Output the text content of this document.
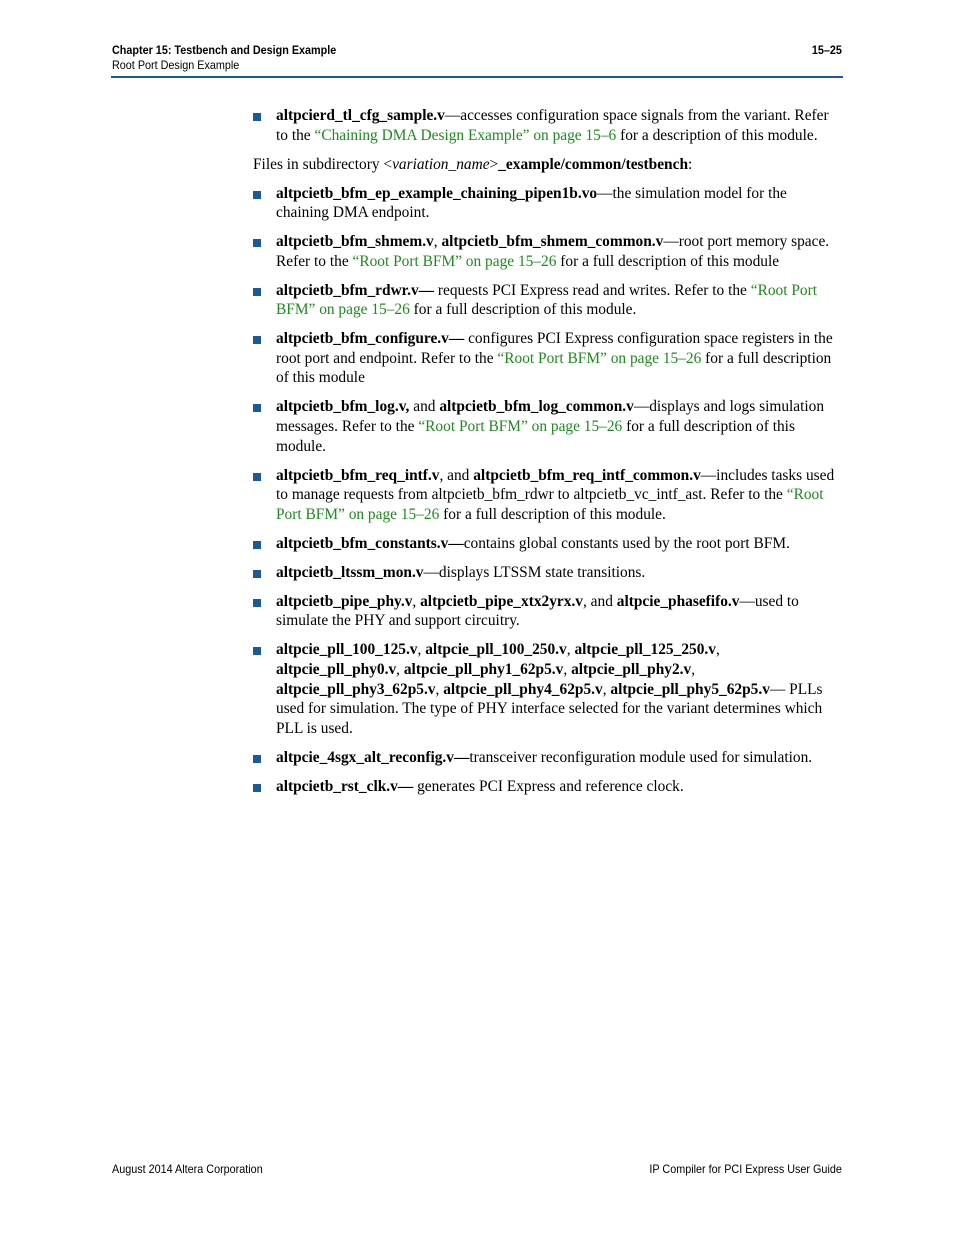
Chapter 15: Testbench and Design Example
Root Port Design Example
15–25
altpcierd_tl_cfg_sample.v—accesses configuration space signals from the variant. Refer to the “Chaining DMA Design Example” on page 15–6 for a description of this module.
Files in subdirectory <variation_name>_example/common/testbench:
altpcietb_bfm_ep_example_chaining_pipen1b.vo—the simulation model for the chaining DMA endpoint.
altpcietb_bfm_shmem.v, altpcietb_bfm_shmem_common.v—root port memory space. Refer to the “Root Port BFM” on page 15–26 for a full description of this module
altpcietb_bfm_rdwr.v— requests PCI Express read and writes. Refer to the “Root Port BFM” on page 15–26 for a full description of this module.
altpcietb_bfm_configure.v— configures PCI Express configuration space registers in the root port and endpoint. Refer to the “Root Port BFM” on page 15–26 for a full description of this module
altpcietb_bfm_log.v, and altpcietb_bfm_log_common.v—displays and logs simulation messages. Refer to the “Root Port BFM” on page 15–26 for a full description of this module.
altpcietb_bfm_req_intf.v, and altpcietb_bfm_req_intf_common.v—includes tasks used to manage requests from altpcietb_bfm_rdwr to altpcietb_vc_intf_ast. Refer to the “Root Port BFM” on page 15–26 for a full description of this module.
altpcietb_bfm_constants.v—contains global constants used by the root port BFM.
altpcietb_ltssm_mon.v—displays LTSSM state transitions.
altpcietb_pipe_phy.v, altpcietb_pipe_xtx2yrx.v, and altpcie_phasefifo.v—used to simulate the PHY and support circuitry.
altpcie_pll_100_125.v, altpcie_pll_100_250.v, altpcie_pll_125_250.v, altpcie_pll_phy0.v, altpcie_pll_phy1_62p5.v, altpcie_pll_phy2.v, altpcie_pll_phy3_62p5.v, altpcie_pll_phy4_62p5.v, altpcie_pll_phy5_62p5.v— PLLs used for simulation. The type of PHY interface selected for the variant determines which PLL is used.
altpcie_4sgx_alt_reconfig.v—transceiver reconfiguration module used for simulation.
altpcietb_rst_clk.v— generates PCI Express and reference clock.
August 2014 Altera Corporation	IP Compiler for PCI Express User Guide
